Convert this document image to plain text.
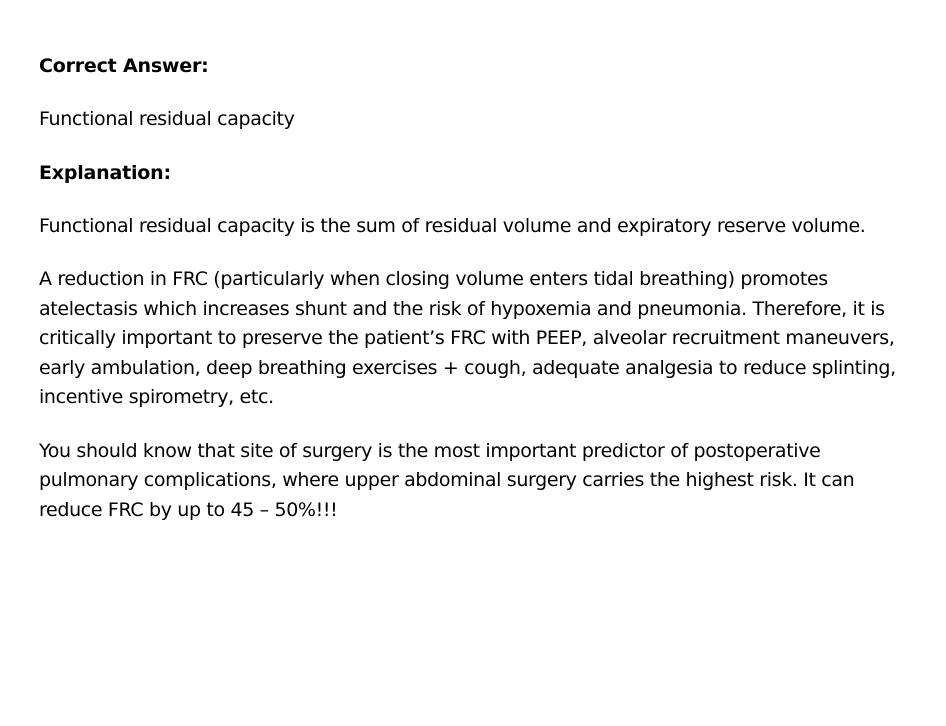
Correct Answer:
Functional residual capacity
Explanation:
Functional residual capacity is the sum of residual volume and expiratory reserve volume.
A reduction in FRC (particularly when closing volume enters tidal breathing) promotes atelectasis which increases shunt and the risk of hypoxemia and pneumonia. Therefore, it is critically important to preserve the patient’s FRC with PEEP, alveolar recruitment maneuvers, early ambulation, deep breathing exercises + cough, adequate analgesia to reduce splinting, incentive spirometry, etc.
You should know that site of surgery is the most important predictor of postoperative pulmonary complications, where upper abdominal surgery carries the highest risk. It can reduce FRC by up to 45 – 50%!!!
